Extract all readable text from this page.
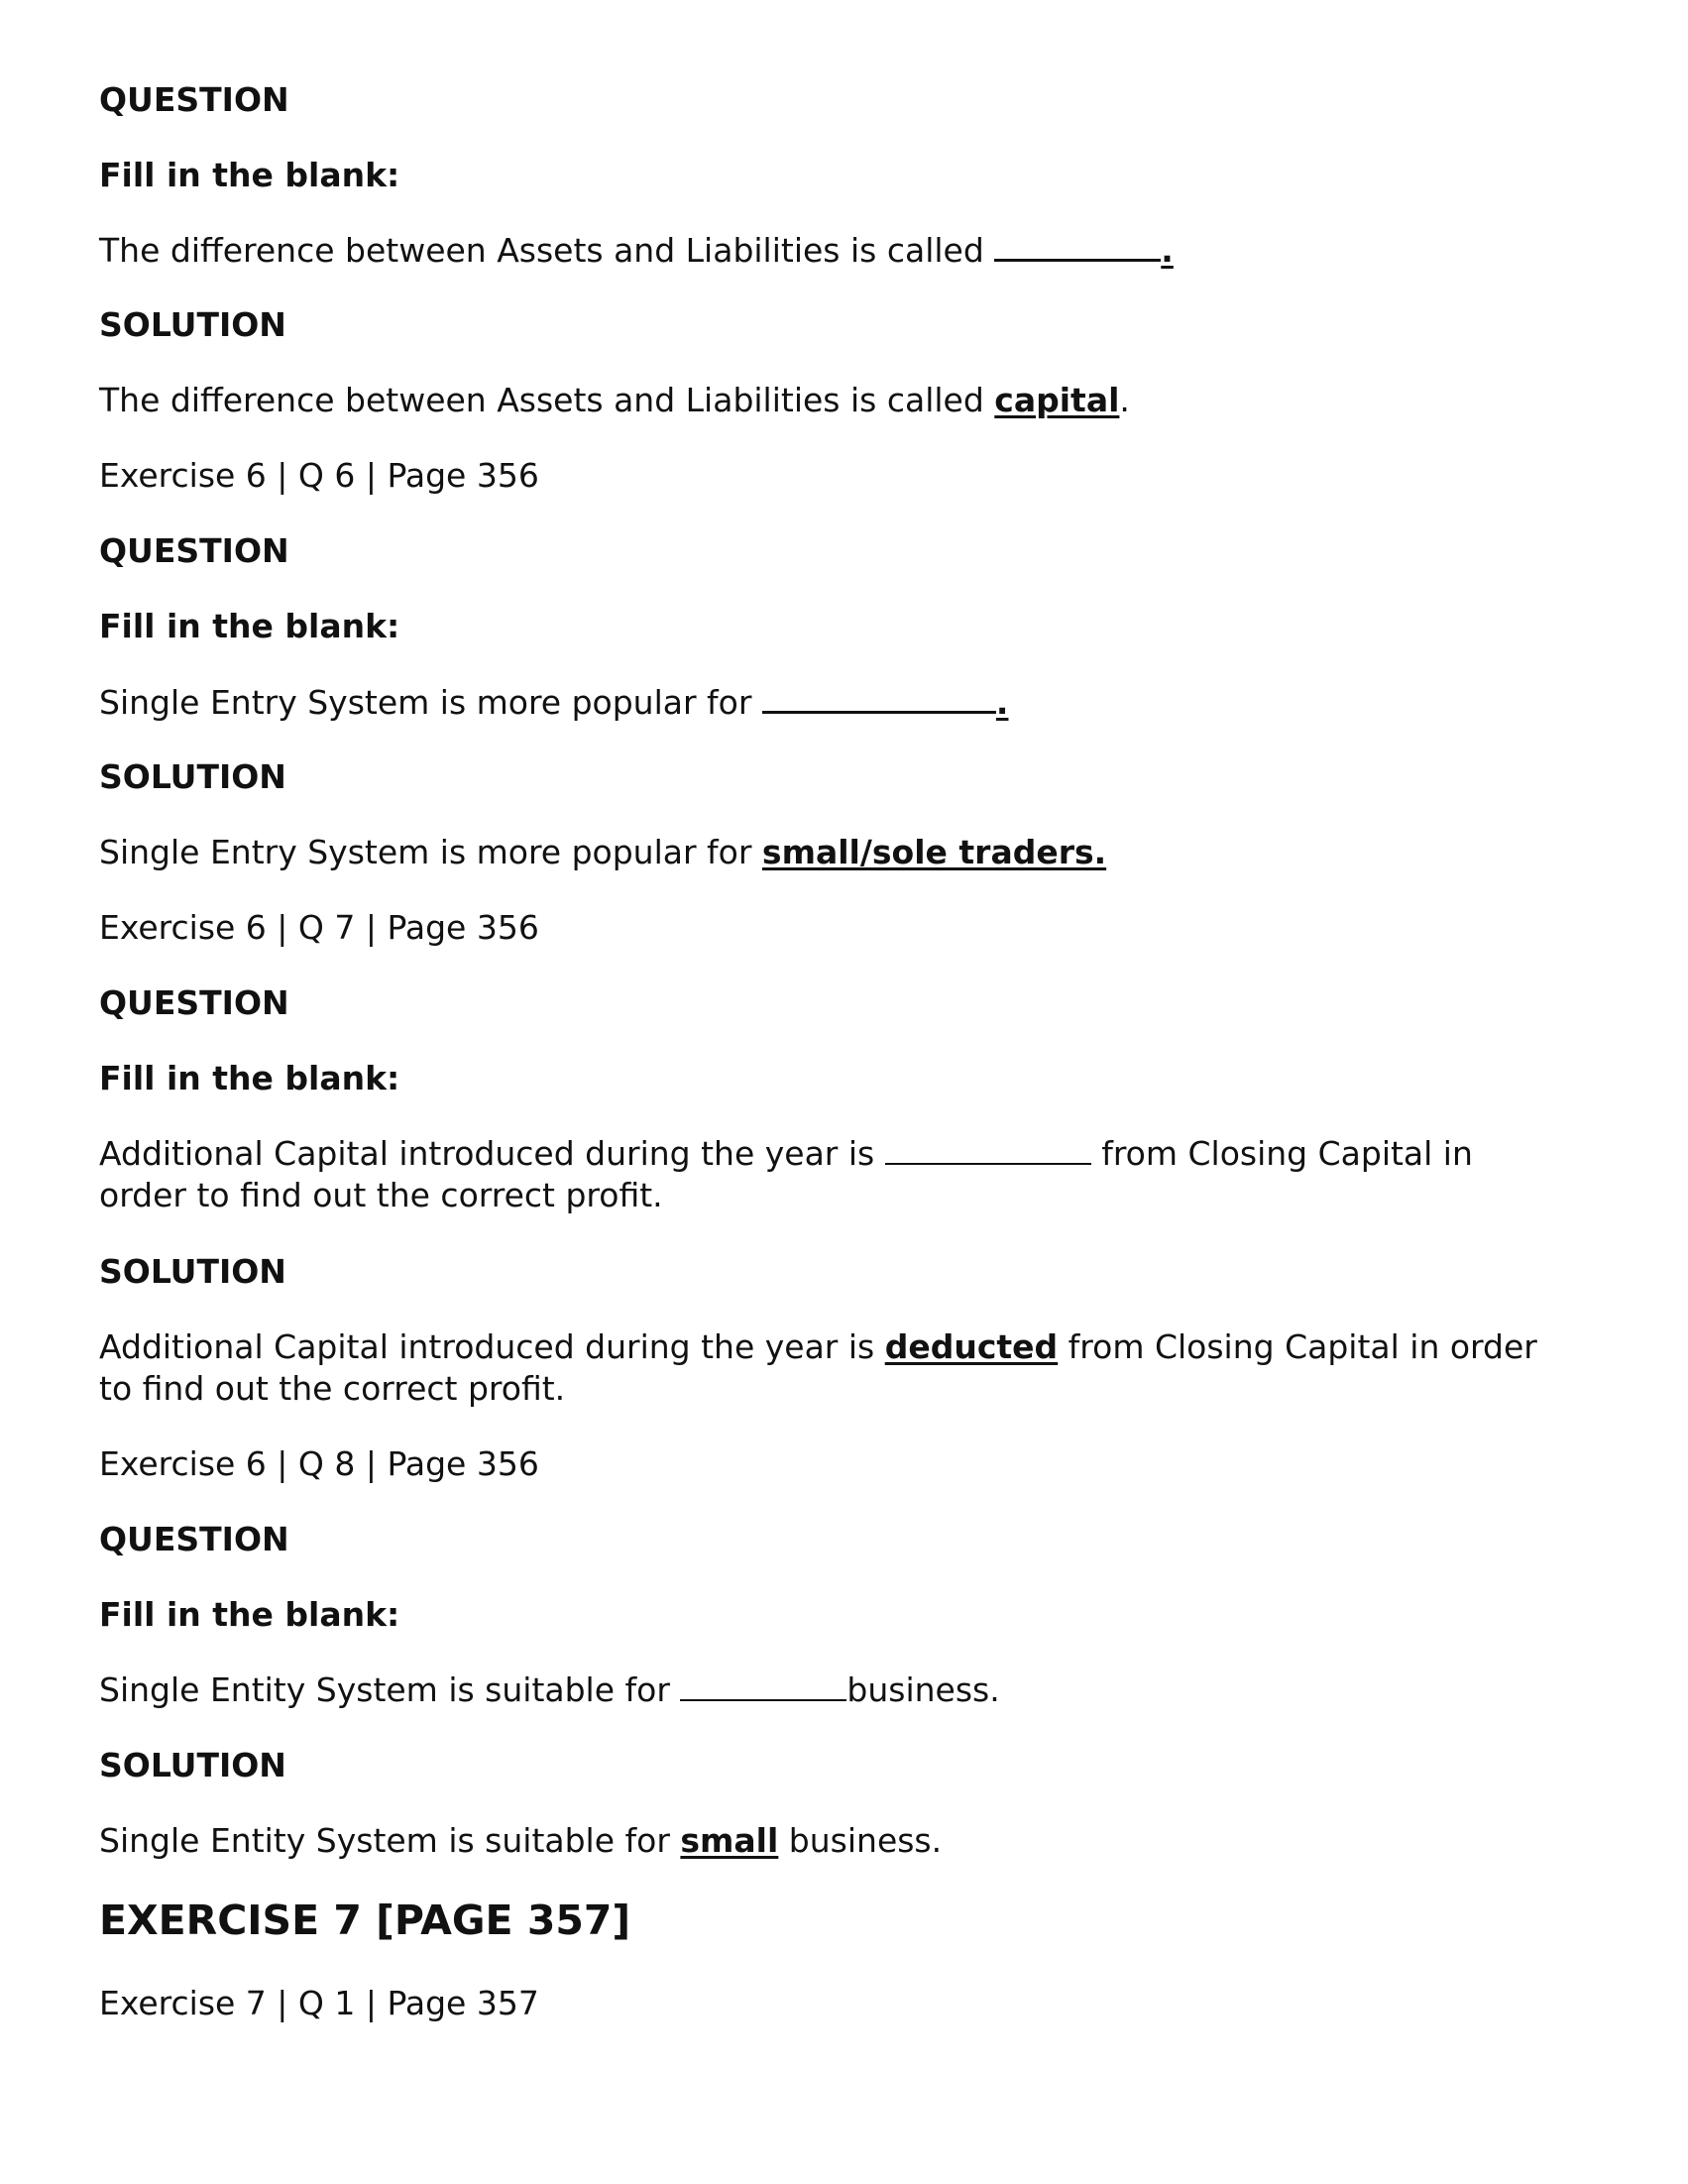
QUESTION
Fill in the blank:
The difference between Assets and Liabilities is called	.
SOLUTION
The difference between Assets and Liabilities is called capital.
Exercise 6 | Q 6 | Page 356
QUESTION
Fill in the blank:
Single Entry System is more popular for	.
SOLUTION
Single Entry System is more popular for small/sole traders.
Exercise 6 | Q 7 | Page 356
QUESTION
Fill in the blank:
Additional Capital introduced during the year is	from Closing Capital in
order to find out the correct profit.
SOLUTION
Additional Capital introduced during the year is deducted from Closing Capital in order
to find out the correct profit.
Exercise 6 | Q 8 | Page 356
QUESTION
Fill in the blank:
Single Entity System is suitable for	business.
SOLUTION
Single Entity System is suitable for small business.
EXERCISE 7 [PAGE 357]
Exercise 7 | Q 1 | Page 357
